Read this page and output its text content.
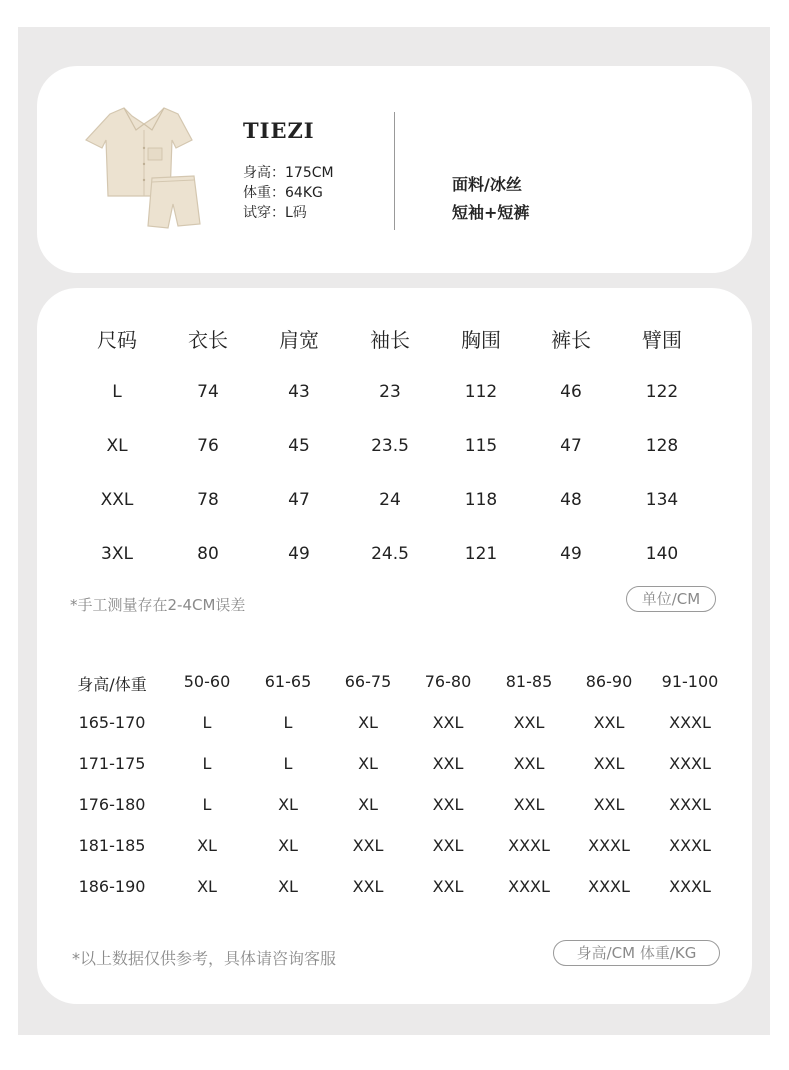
TIEZI
身高：175CM
体重：64KG
试穿：L码
面料/冰丝
短袖+短裤
尺码	衣长	肩宽	袖长	胸围	裤长	臂围
L	74	43	23	112	46	122
XL	76	45	23.5	115	47	128
XXL	78	47	24	118	48	134
3XL	80	49	24.5	121	49	140
*手工测量存在2-4CM误差	单位/CM
身高/体重 50-60 61-65 66-75 76-80 81-85 86-90 91-100
165-170	L	L	XL	XXL	XXL	XXL	XXXL
171-175	L	L	XL	XXL	XXL	XXL	XXXL
176-180	L	XL	XL	XXL	XXL	XXL	XXXL
181-185	XL	XL	XXL	XXL	XXXL XXXL XXXL
186-190	XL	XL	XXL	XXL	XXXL XXXL XXXL
*以上数据仅供参考，具体请咨询客服	身高/CM 体重/KG
